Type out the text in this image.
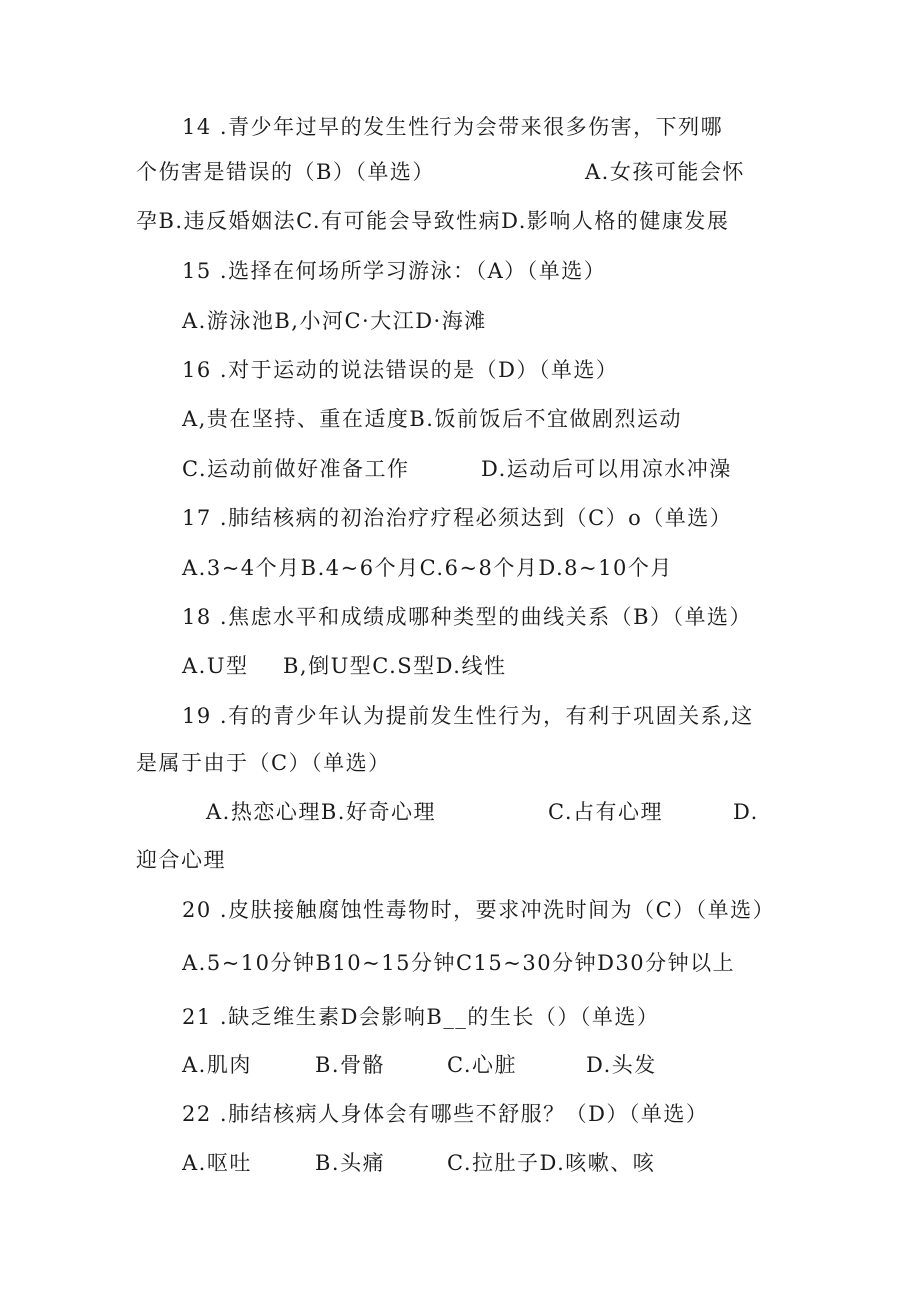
14 .青少年过早的发生性行为会带来很多伤害，下列哪
个伤害是错误的（B）（单选）	A.女孩可能会怀
孕B.违反婚姻法C.有可能会导致性病D.影响人格的健康发展
15 .选择在何场所学习游泳：（A）（单选）
A.游泳池B,小河C·大江D·海滩
16 .对于运动的说法错误的是（D）（单选）
A,贵在坚持、重在适度B.饭前饭后不宜做剧烈运动
C.运动前做好准备工作	D.运动后可以用凉水冲澡
17 .肺结核病的初治治疗疗程必须达到（C）o（单选）
A.3~4个月B.4~6个月C.6~8个月D.8~10个月
18 .焦虑水平和成绩成哪种类型的曲线关系（B）（单选）
A.U型 B,倒U型C.S型D.线性
19 .有的青少年认为提前发生性行为，有利于巩固关系,这
是属于由于（C）（单选）
A.热恋心理B.好奇心理	C.占有心理	D.
迎合心理
20 .皮肤接触腐蚀性毒物时，要求冲洗时间为（C）（单选）
A.5~10分钟B10~15分钟C15~30分钟D30分钟以上
21 .缺乏维生素D会影响B__的生长（）（单选）
A.肌肉	B.骨骼	C.心脏	D.头发
22 .肺结核病人身体会有哪些不舒服？（D）（单选）
A.呕吐	B.头痛	C.拉肚子D.咳嗽、咳
